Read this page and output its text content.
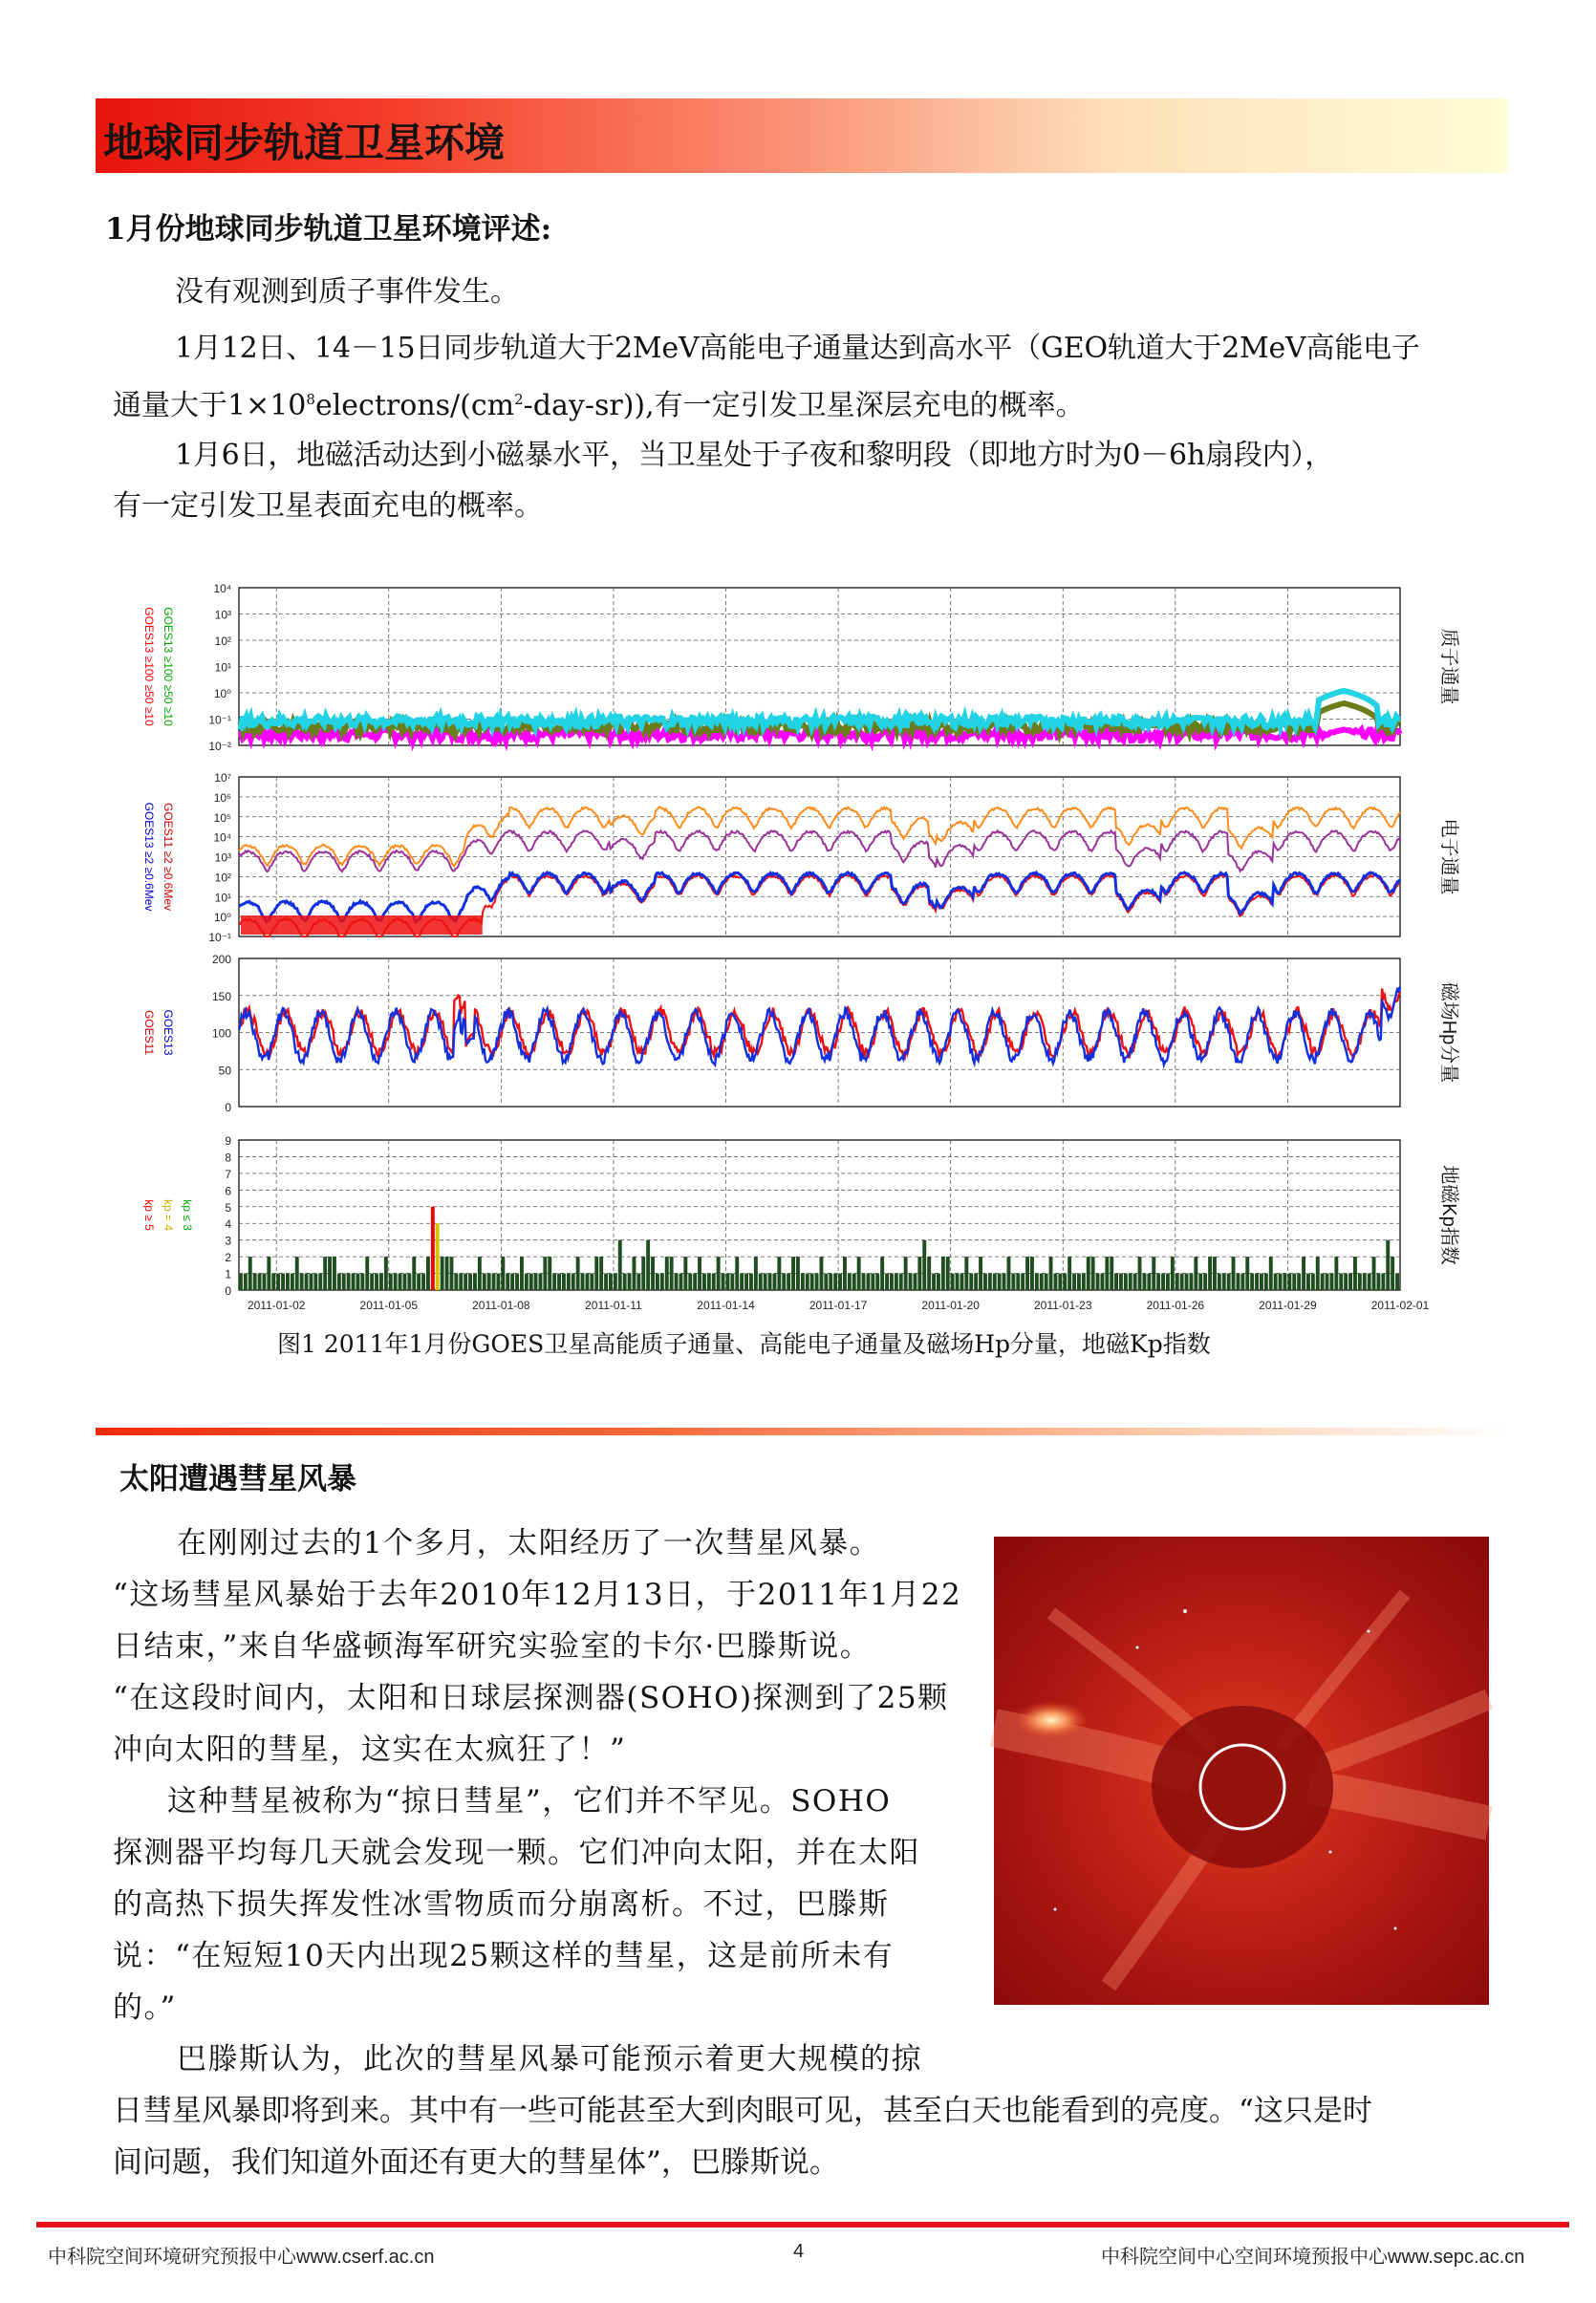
地球同步轨道卫星环境
1月份地球同步轨道卫星环境评述:

没有观测到质子事件发生。

1月12日、14－15日同步轨道大于2MeV高能电子通量达到高水平（GEO轨道大于2MeV高能电子

通量大于$1\times 10^8electrons/(cm^2-day-sr)$),有一定引发卫星深层充电的概率。

1月6日，地磁活动达到小磁暴水平，当卫星处于子夜和黎明段（即地方时为0－6h扇段内），

有一定引发卫星表面充电的概率。

10⁻²
10⁻¹
10⁰
10¹
10²
10³
10⁴
质子通量
GOES13 ≥100 ≥50 ≥10 GOES13 ≥100 ≥50 ≥10
10⁻¹
10⁰
10¹
10²
10³
10⁴
10⁵
10⁶
10⁷
电子通量
GOES13 ≥2 ≥0.6Mev GOES11 ≥2 ≥0.6Mev
0
50
100
150
200
磁场Hp分量
GOES11 GOES13
0
1
2
3
4
5
6
7
8
9
地磁Kp指数
kp ≥ 5 kp = 4 kp ≤ 3
2011-01-02	2011-01-05	2011-01-08	2011-01-11	2011-01-14	2011-01-17	2011-01-20	2011-01-23	2011-01-26	2011-01-29	2011-02-01
图1 2011年1月份GOES卫星高能质子通量、高能电子通量及磁场Hp分量，地磁Kp指数
太阳遭遇彗星风暴
在刚刚过去的1个多月，太阳经历了一次彗星风暴。
“这场彗星风暴始于去年2010年12月13日，于2011年1月22
日结束，”来自华盛顿海军研究实验室的卡尔·巴滕斯说。
“在这段时间内，太阳和日球层探测器(SOHO)探测到了25颗
冲向太阳的彗星，这实在太疯狂了！”
这种彗星被称为“掠日彗星”，它们并不罕见。SOHO
探测器平均每几天就会发现一颗。它们冲向太阳，并在太阳
的高热下损失挥发性冰雪物质而分崩离析。不过，巴滕斯
说：“在短短10天内出现25颗这样的彗星，这是前所未有
的。”
巴滕斯认为，此次的彗星风暴可能预示着更大规模的掠
日彗星风暴即将到来。其中有一些可能甚至大到肉眼可见，甚至白天也能看到的亮度。“这只是时
间问题，我们知道外面还有更大的彗星体”，巴滕斯说。
中科院空间环境研究预报中心www.cserf.ac.cn	4	中科院空间中心空间环境预报中心www.sepc.ac.cn
